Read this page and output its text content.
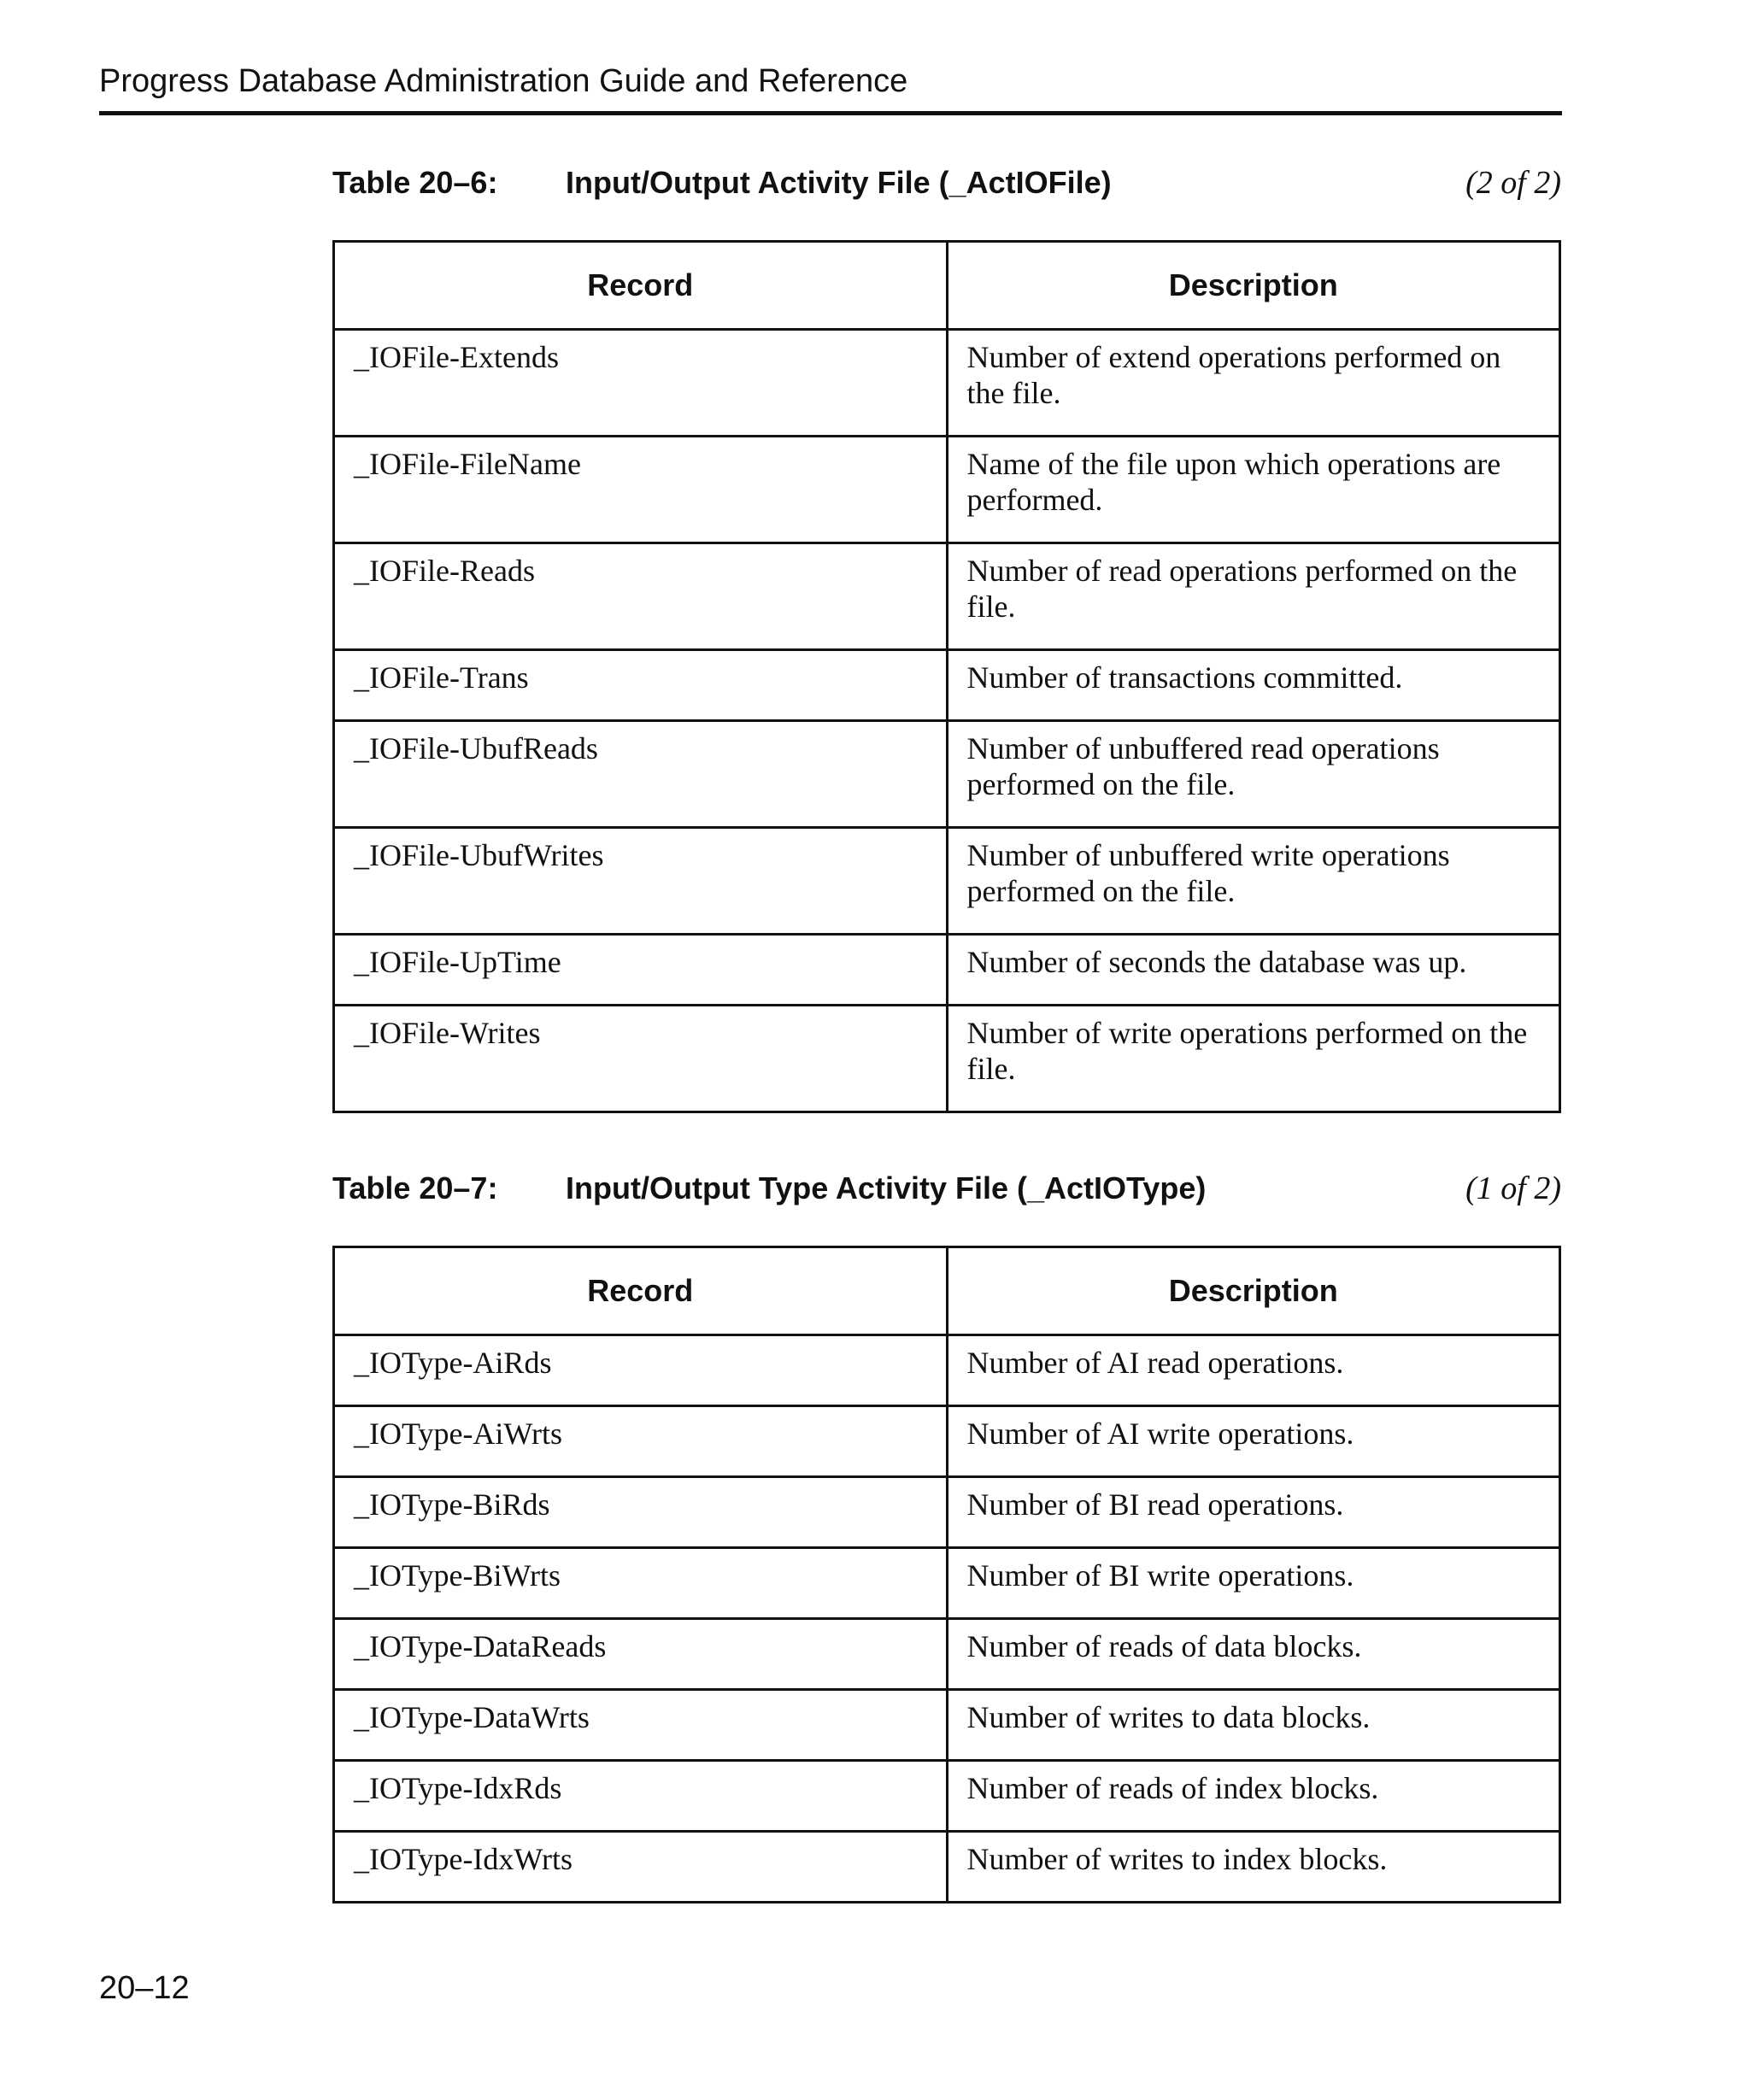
Progress Database Administration Guide and Reference
Table 20–6: Input/Output Activity File (_ActIOFile)	(2 of 2)
Record	Description
_IOFile-Extends	Number of extend operations performed on the file.
_IOFile-FileName	Name of the file upon which operations are performed.
_IOFile-Reads	Number of read operations performed on the file.
_IOFile-Trans	Number of transactions committed.
_IOFile-UbufReads	Number of unbuffered read operations performed on the file.
_IOFile-UbufWrites	Number of unbuffered write operations performed on the file.
_IOFile-UpTime	Number of seconds the database was up.
_IOFile-Writes	Number of write operations performed on the file.
Table 20–7: Input/Output Type Activity File (_ActIOType)	(1 of 2)
Record	Description
_IOType-AiRds	Number of AI read operations.
_IOType-AiWrts	Number of AI write operations.
_IOType-BiRds	Number of BI read operations.
_IOType-BiWrts	Number of BI write operations.
_IOType-DataReads	Number of reads of data blocks.
_IOType-DataWrts	Number of writes to data blocks.
_IOType-IdxRds	Number of reads of index blocks.
_IOType-IdxWrts	Number of writes to index blocks.
20–12
